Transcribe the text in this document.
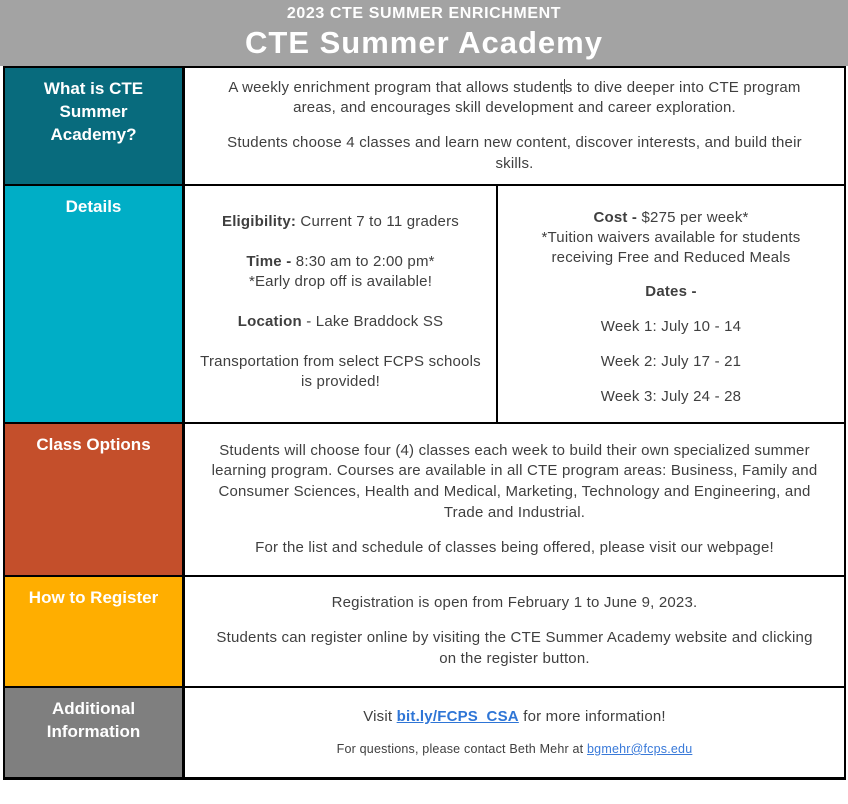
2023 CTE SUMMER ENRICHMENT
CTE Summer Academy
What is CTE Summer Academy?
A weekly enrichment program that allows students to dive deeper into CTE program areas, and encourages skill development and career exploration.
Students choose 4 classes and learn new content, discover interests, and build their skills.
Details
Eligibility: Current 7 to 11 graders
Time - 8:30 am to 2:00 pm*
*Early drop off is available!
Location - Lake Braddock SS
Transportation from select FCPS schools is provided!
Cost - $275 per week*
*Tuition waivers available for students receiving Free and Reduced Meals
Dates -
Week 1: July 10 - 14
Week 2: July 17 - 21
Week 3: July 24 - 28
Class Options	Students will choose four (4) classes each week to build their own specialized summer learning program. Courses are available in all CTE program areas: Business, Family and Consumer Sciences, Health and Medical, Marketing, Technology and Engineering, and Trade and Industrial.
For the list and schedule of classes being offered, please visit our webpage!
How to Register	Registration is open from February 1 to June 9, 2023.
Students can register online by visiting the CTE Summer Academy website and clicking on the register button.
Additional Information
Visit bit.ly/FCPS_CSA for more information!
For questions, please contact Beth Mehr at bgmehr@fcps.edu
